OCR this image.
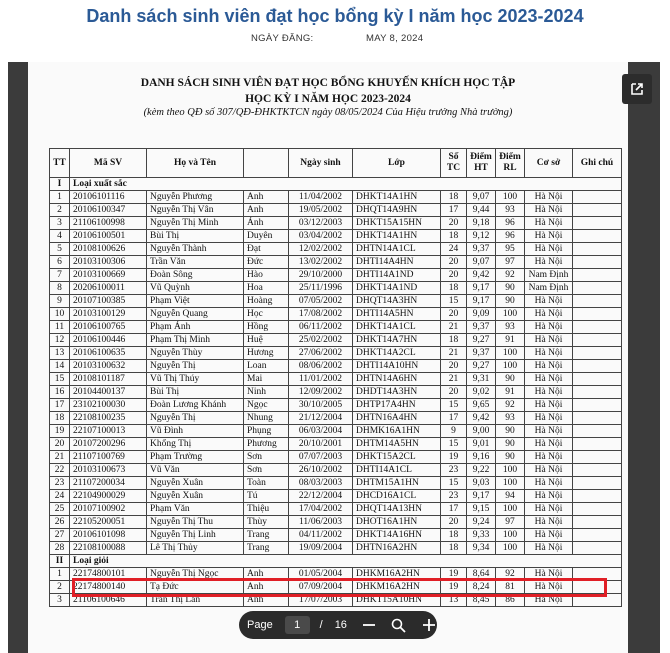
Danh sách sinh viên đạt học bổng kỳ I năm học 2023-2024
NGÀY ĐĂNG:	MAY 8, 2024
DANH SÁCH SINH VIÊN ĐẠT HỌC BỔNG KHUYẾN KHÍCH HỌC TẬP
HỌC KỲ I NĂM HỌC 2023-2024
(kèm theo QĐ số 307/QĐ-ĐHKTKTCN ngày 08/05/2024 Của Hiệu trưởng Nhà trường)
TT	Mã SV	Họ và Tên		Ngày sinh	Lớp	Số TC	Điểm HT	Điểm RL	Cơ sở	Ghi chú
I	Loại xuất sắc									
1	20106101116	Nguyễn Phương	Anh	11/04/2002	DHKT14A1HN	18	9,07	100	Hà Nội	
2	20106100347	Nguyễn Thị Vân	Anh	19/05/2002	DHQT14A9HN	17	9,44	93	Hà Nội	
3	21106100998	Nguyễn Thị Minh	Ánh	03/12/2003	DHKT15A15HN	20	9,18	96	Hà Nội	
4	20106100501	Bùi Thị	Duyên	03/04/2002	DHKT14A1HN	18	9,12	96	Hà Nội	
5	20108100626	Nguyễn Thành	Đạt	12/02/2002	DHTN14A1CL	24	9,37	95	Hà Nội	
6	20103100306	Trần Văn	Đức	13/02/2002	DHTI14A4HN	20	9,07	97	Hà Nội	
7	20103100669	Đoàn Sông	Hào	29/10/2000	DHTI14A1ND	20	9,42	92	Nam Định	
8	20206100011	Vũ Quỳnh	Hoa	25/11/1996	DHKT14A1ND	18	9,17	90	Nam Định	
9	20107100385	Phạm Việt	Hoàng	07/05/2002	DHQT14A3HN	15	9,17	90	Hà Nội	
10	20103100129	Nguyễn Quang	Học	17/08/2002	DHTI14A5HN	20	9,09	100	Hà Nội	
11	20106100765	Phạm Ánh	Hồng	06/11/2002	DHKT14A1CL	21	9,37	93	Hà Nội	
12	20106100446	Phạm Thị Minh	Huệ	25/02/2002	DHKT14A7HN	18	9,27	91	Hà Nội	
13	20106100635	Nguyễn Thùy	Hương	27/06/2002	DHKT14A2CL	21	9,37	100	Hà Nội	
14	20103100632	Nguyễn Thị	Loan	08/06/2002	DHTI14A10HN	20	9,27	100	Hà Nội	
15	20108101187	Vũ Thị Thúy	Mai	11/01/2002	DHTN14A6HN	21	9,31	90	Hà Nội	
16	20104400137	Bùi Thị	Ninh	12/09/2002	DHDT14A3HN	20	9,02	91	Hà Nội	
17	23102100030	Đoàn Lương Khánh	Ngọc	30/10/2005	DHTP17A4HN	15	9,65	92	Hà Nội	
18	22108100235	Nguyễn Thị	Nhung	21/12/2004	DHTN16A4HN	17	9,42	93	Hà Nội	
19	22107100013	Vũ Đình	Phụng	06/03/2004	DHMK16A1HN	9	9,00	90	Hà Nội	
20	20107200296	Khổng Thị	Phương	20/10/2001	DHTM14A5HN	15	9,01	90	Hà Nội	
21	21107100769	Phạm Trường	Sơn	07/07/2003	DHKT15A2CL	19	9,16	90	Hà Nội	
22	20103100673	Vũ Văn	Sơn	26/10/2002	DHTI14A1CL	23	9,22	100	Hà Nội	
23	21107200034	Nguyễn Xuân	Toàn	08/03/2003	DHTM15A1HN	15	9,03	100	Hà Nội	
24	22104900029	Nguyễn Xuân	Tú	22/12/2004	DHCD16A1CL	23	9,17	94	Hà Nội	
25	20107100902	Phạm Văn	Thiệu	17/04/2002	DHQT14A13HN	17	9,15	100	Hà Nội	
26	22105200051	Nguyễn Thị Thu	Thùy	11/06/2003	DHOT16A1HN	20	9,24	97	Hà Nội	
27	20106101098	Nguyễn Thị Linh	Trang	04/11/2002	DHKT14A16HN	18	9,33	100	Hà Nội	
28	22108100088	Lê Thị Thủy	Trang	19/09/2004	DHTN16A2HN	18	9,34	100	Hà Nội	
II	Loại giỏi									
1	22174800101	Nguyễn Thị Ngọc	Anh	01/05/2004	DHKM16A2HN	19	8,64	92	Hà Nội	
2	22174800140	Tạ Đức	Anh	07/09/2004	DHKM16A2HN	19	8,24	81	Hà Nội	
3	21106100646	Trần Thị Lan	Anh	17/07/2003	DHKT15A10HN	13	8,45	86	Hà Nội	
Page	1	/ 16
